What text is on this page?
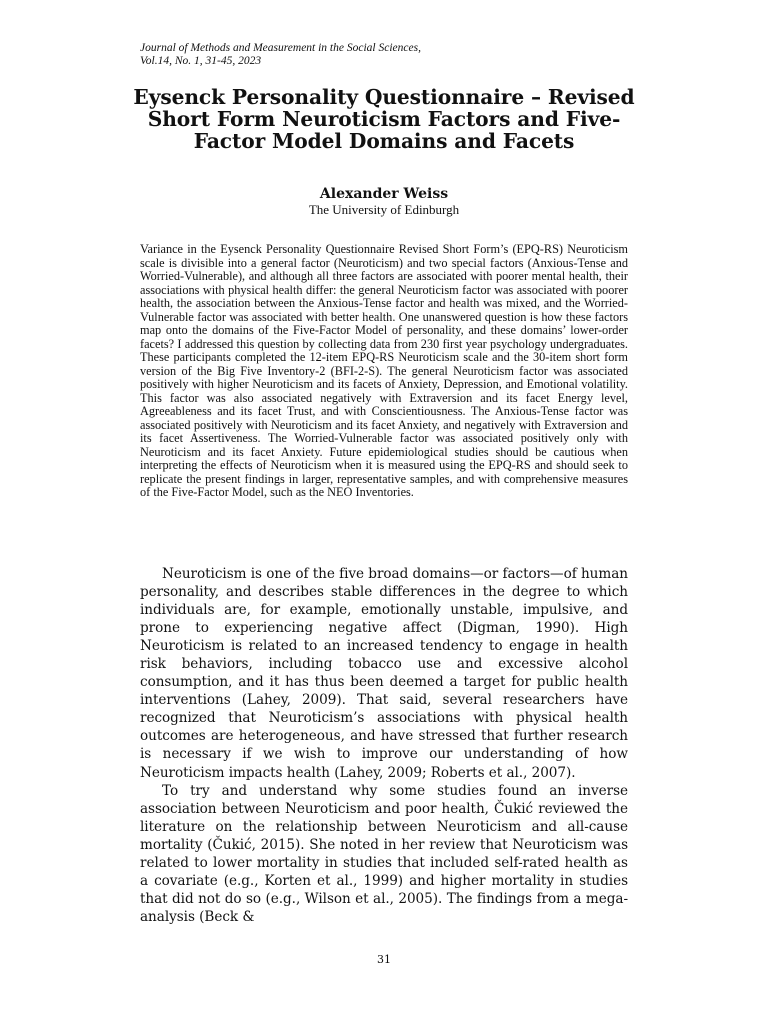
Journal of Methods and Measurement in the Social Sciences,
Vol.14, No. 1, 31-45, 2023
Eysenck Personality Questionnaire – Revised Short Form Neuroticism Factors and Five-Factor Model Domains and Facets
Alexander Weiss
The University of Edinburgh

Variance in the Eysenck Personality Questionnaire Revised Short Form’s (EPQ-RS) Neuroticism scale is divisible into a general factor (Neuroticism) and two special factors (Anxious-Tense and Worried-Vulnerable), and although all three factors are associated with poorer mental health, their associations with physical health differ: the general Neuroticism factor was associated with poorer health, the association between the Anxious-Tense factor and health was mixed, and the Worried-Vulnerable factor was associated with better health. One unanswered question is how these factors map onto the domains of the Five-Factor Model of personality, and these domains’ lower-order facets? I addressed this question by collecting data from 230 first year psychology undergraduates. These participants completed the 12-item EPQ-RS Neuroticism scale and the 30-item short form version of the Big Five Inventory-2 (BFI-2-S). The general Neuroticism factor was associated positively with higher Neuroticism and its facets of Anxiety, Depression, and Emotional volatility. This factor was also associated negatively with Extraversion and its facet Energy level, Agreeableness and its facet Trust, and with Conscientiousness. The Anxious-Tense factor was associated positively with Neuroticism and its facet Anxiety, and negatively with Extraversion and its facet Assertiveness. The Worried-Vulnerable factor was associated positively only with Neuroticism and its facet Anxiety. Future epidemiological studies should be cautious when interpreting the effects of Neuroticism when it is measured using the EPQ-RS and should seek to replicate the present findings in larger, representative samples, and with comprehensive measures of the Five-Factor Model, such as the NEO Inventories.

Neuroticism is one of the five broad domains—or factors—of human personality, and describes stable differences in the degree to which individuals are, for example, emotionally unstable, impulsive, and prone to experiencing negative affect (Digman, 1990). High Neuroticism is related to an increased tendency to engage in health risk behaviors, including tobacco use and excessive alcohol consumption, and it has thus been deemed a target for public health interventions (Lahey, 2009). That said, several researchers have recognized that Neuroticism’s associations with physical health outcomes are heterogeneous, and have stressed that further research is necessary if we wish to improve our understanding of how Neuroticism impacts health (Lahey, 2009; Roberts et al., 2007).

To try and understand why some studies found an inverse association between Neuroticism and poor health, Čukić reviewed the literature on the relationship between Neuroticism and all-cause mortality (Čukić, 2015). She noted in her review that Neuroticism was related to lower mortality in studies that included self-rated health as a covariate (e.g., Korten et al., 1999) and higher mortality in studies that did not do so (e.g., Wilson et al., 2005). The findings from a mega-analysis (Beck &

31
